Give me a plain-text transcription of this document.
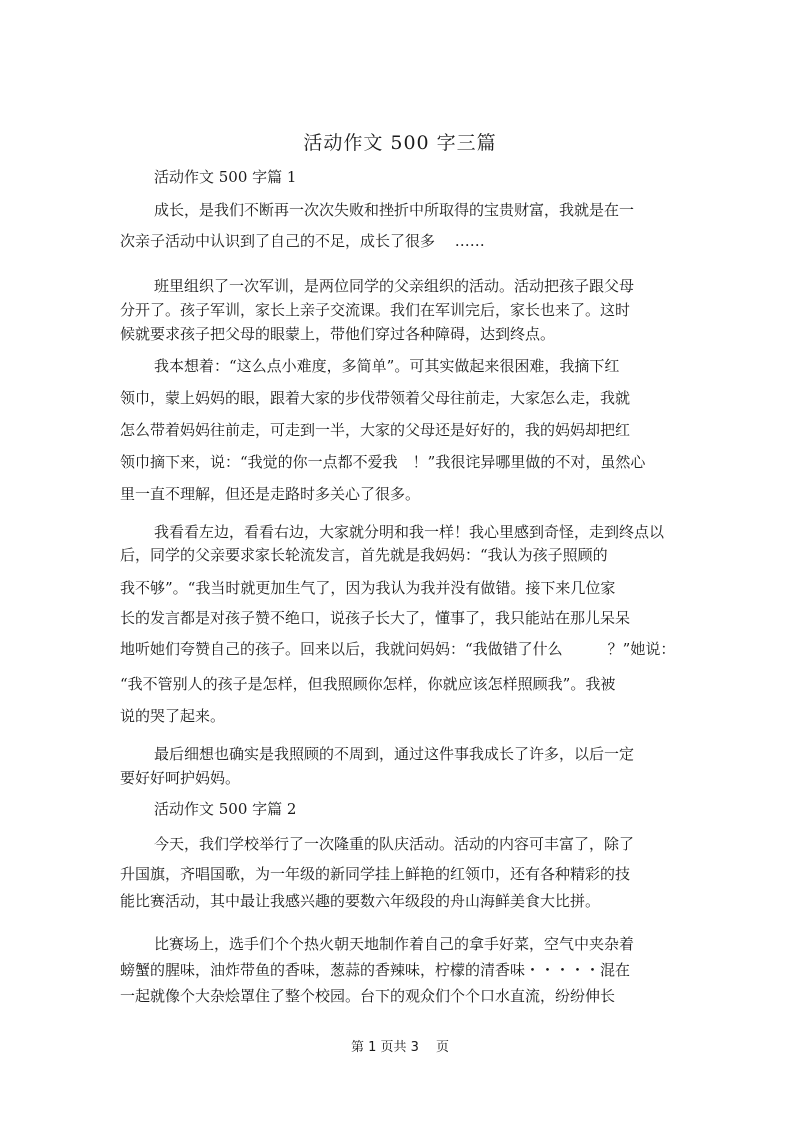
活动作文 500 字三篇
活动作文 500 字篇 1
成长，是我们不断再一次次失败和挫折中所取得的宝贵财富，我就是在一
次亲子活动中认识到了自己的不足，成长了很多　 ……
班里组织了一次军训，是两位同学的父亲组织的活动。活动把孩子跟父母
分开了。孩子军训，家长上亲子交流课。我们在军训完后，家长也来了。这时
候就要求孩子把父母的眼蒙上，带他们穿过各种障碍，达到终点。
我本想着：“这么点小难度，多简单”。可其实做起来很困难，我摘下红
领巾，蒙上妈妈的眼，跟着大家的步伐带领着父母往前走，大家怎么走，我就
怎么带着妈妈往前走，可走到一半，大家的父母还是好好的，我的妈妈却把红
领巾摘下来，说：“我觉的你一点都不爱我　！”我很诧异哪里做的不对，虽然心
里一直不理解，但还是走路时多关心了很多。
我看看左边，看看右边，大家就分明和我一样！我心里感到奇怪，走到终点以
后，同学的父亲要求家长轮流发言，首先就是我妈妈：“我认为孩子照顾的
我不够”。“我当时就更加生气了，因为我认为我并没有做错。接下来几位家
长的发言都是对孩子赞不绝口，说孩子长大了，懂事了，我只能站在那儿呆呆
地听她们夸赞自己的孩子。回来以后，我就问妈妈：“我做错了什么　　　？”她说：
“我不管别人的孩子是怎样，但我照顾你怎样，你就应该怎样照顾我”。我被
说的哭了起来。
最后细想也确实是我照顾的不周到，通过这件事我成长了许多，以后一定
要好好呵护妈妈。
活动作文 500 字篇 2
今天，我们学校举行了一次隆重的队庆活动。活动的内容可丰富了，除了
升国旗，齐唱国歌，为一年级的新同学挂上鲜艳的红领巾，还有各种精彩的技
能比赛活动，其中最让我感兴趣的要数六年级段的舟山海鲜美食大比拼。
比赛场上，选手们个个热火朝天地制作着自己的拿手好菜，空气中夹杂着
螃蟹的腥味，油炸带鱼的香味，葱蒜的香辣味，柠檬的清香味・・・・・混在
一起就像个大杂烩罩住了整个校园。台下的观众们个个口水直流，纷纷伸长
第 1 页共 3　 页
